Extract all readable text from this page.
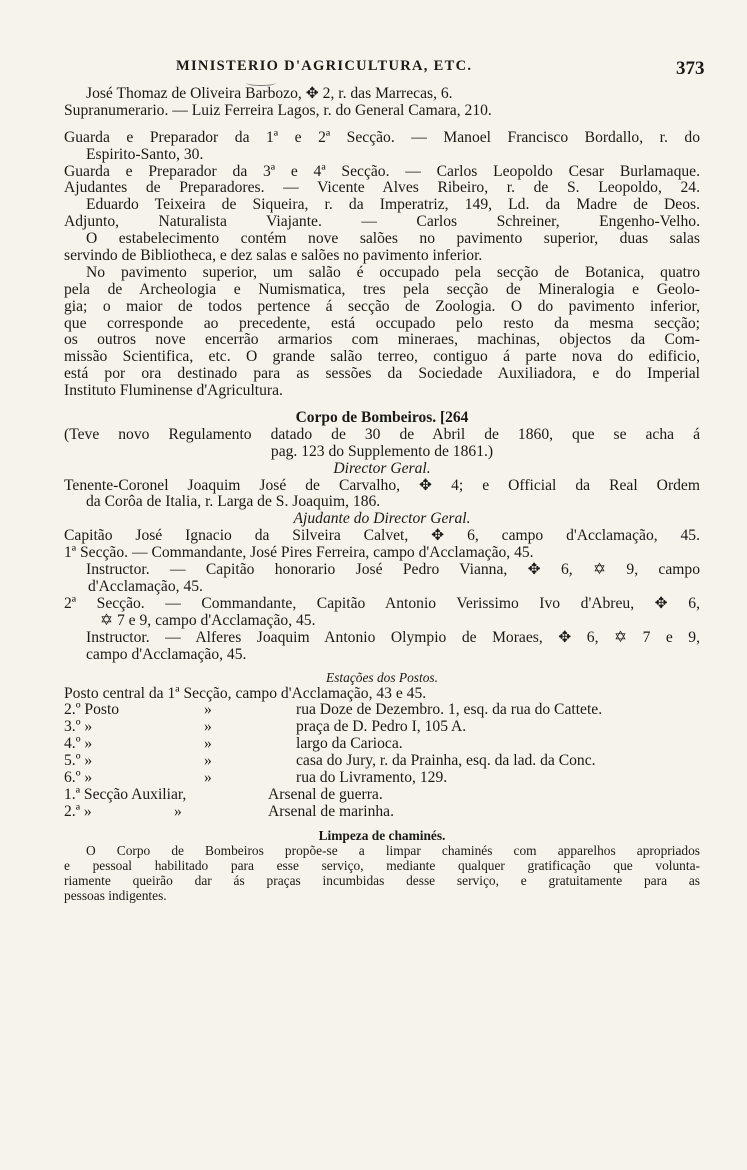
MINISTERIO D'AGRICULTURA, ETC.	373
José Thomaz de Oliveira Barbozo, ✥ 2, r. das Marrecas, 6.
Supranumerario. — Luiz Ferreira Lagos, r. do General Camara, 210.
Guarda e Preparador da 1ª e 2ª Secção. — Manoel Francisco Bordallo, r. do
Espirito-Santo, 30.
Guarda e Preparador da 3ª e 4ª Secção. — Carlos Leopoldo Cesar Burlamaque.
Ajudantes de Preparadores. — Vicente Alves Ribeiro, r. de S. Leopoldo, 24.
Eduardo Teixeira de Siqueira, r. da Imperatriz, 149, Ld. da Madre de Deos.
Adjunto, Naturalista Viajante. — Carlos Schreiner, Engenho-Velho.
O estabelecimento contém nove salões no pavimento superior, duas salas
servindo de Bibliotheca, e dez salas e salões no pavimento inferior.
No pavimento superior, um salão é occupado pela secção de Botanica, quatro
pela de Archeologia e Numismatica, tres pela secção de Mineralogia e Geolo-
gia; o maior de todos pertence á secção de Zoologia. O do pavimento inferior,
que corresponde ao precedente, está occupado pelo resto da mesma secção;
os outros nove encerrão armarios com mineraes, machinas, objectos da Com-
missão Scientifica, etc. O grande salão terreo, contiguo á parte nova do edificio,
está por ora destinado para as sessões da Sociedade Auxiliadora, e do Imperial
Instituto Fluminense d'Agricultura.
Corpo de Bombeiros. [264
(Teve novo Regulamento datado de 30 de Abril de 1860, que se acha á
pag. 123 do Supplemento de 1861.)
Director Geral.
Tenente-Coronel Joaquim José de Carvalho, ✥ 4; e Official da Real Ordem
da Corôa de Italia, r. Larga de S. Joaquim, 186.
Ajudante do Director Geral.
Capitão José Ignacio da Silveira Calvet, ✥ 6, campo d'Acclamação, 45.
1ª Secção. — Commandante, José Pires Ferreira, campo d'Acclamação, 45.
Instructor. — Capitão honorario José Pedro Vianna, ✥ 6, ✡ 9, campo
d'Acclamação, 45.
2ª Secção. — Commandante, Capitão Antonio Verissimo Ivo d'Abreu, ✥ 6,
✡ 7 e 9, campo d'Acclamação, 45.
Instructor. — Alferes Joaquim Antonio Olympio de Moraes, ✥ 6, ✡ 7 e 9,
campo d'Acclamação, 45.
Estações dos Postos.
Posto central da 1ª Secção, campo d'Acclamação, 43 e 45.
2.º Posto	»	rua Doze de Dezembro. 1, esq. da rua do Cattete.
3.º »	»	praça de D. Pedro I, 105 A.
4.º »	»	largo da Carioca.
5.º »	»	casa do Jury, r. da Prainha, esq. da lad. da Conc.
6.º »	»	rua do Livramento, 129.
1.ª Secção Auxiliar,	Arsenal de guerra.
2.ª »	»	Arsenal de marinha.
Limpeza de chaminés.
O Corpo de Bombeiros propõe-se a limpar chaminés com apparelhos apropriados
e pessoal habilitado para esse serviço, mediante qualquer gratificação que volunta-
riamente queirão dar ás praças incumbidas desse serviço, e gratuitamente para as
pessoas indigentes.
